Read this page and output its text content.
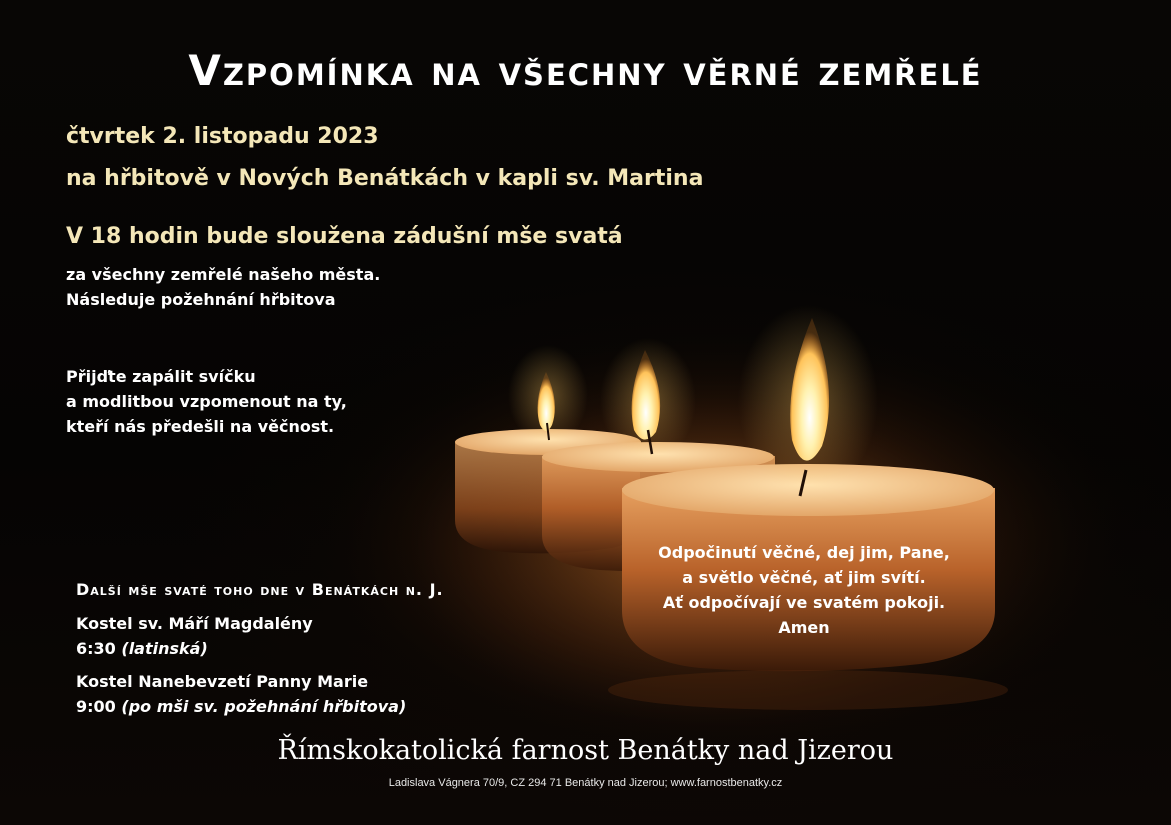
Vzpomínka na všechny věrné zemřelé
čtvrtek 2. listopadu 2023
na hřbitově v Nových Benátkách v kapli sv. Martina
V 18 hodin bude sloužena zádušní mše svatá
za všechny zemřelé našeho města.
Následuje požehnání hřbitova
Přijďte zapálit svíčku
a modlitbou vzpomenout na ty,
kteří nás předešli na věčnost.
Odpočinutí věčné, dej jim, Pane,
a světlo věčné, ať jim svítí.
Ať odpočívají ve svatém pokoji.
Amen
Další mše svaté toho dne v Benátkách n. J.
Kostel sv. Máří Magdalény
6:30 (latinská)
Kostel Nanebevzetí Panny Marie
9:00 (po mši sv. požehnání hřbitova)
Římskokatolická farnost Benátky nad Jizerou
Ladislava Vágnera 70/9, CZ 294 71 Benátky nad Jizerou; www.farnostbenatky.cz
